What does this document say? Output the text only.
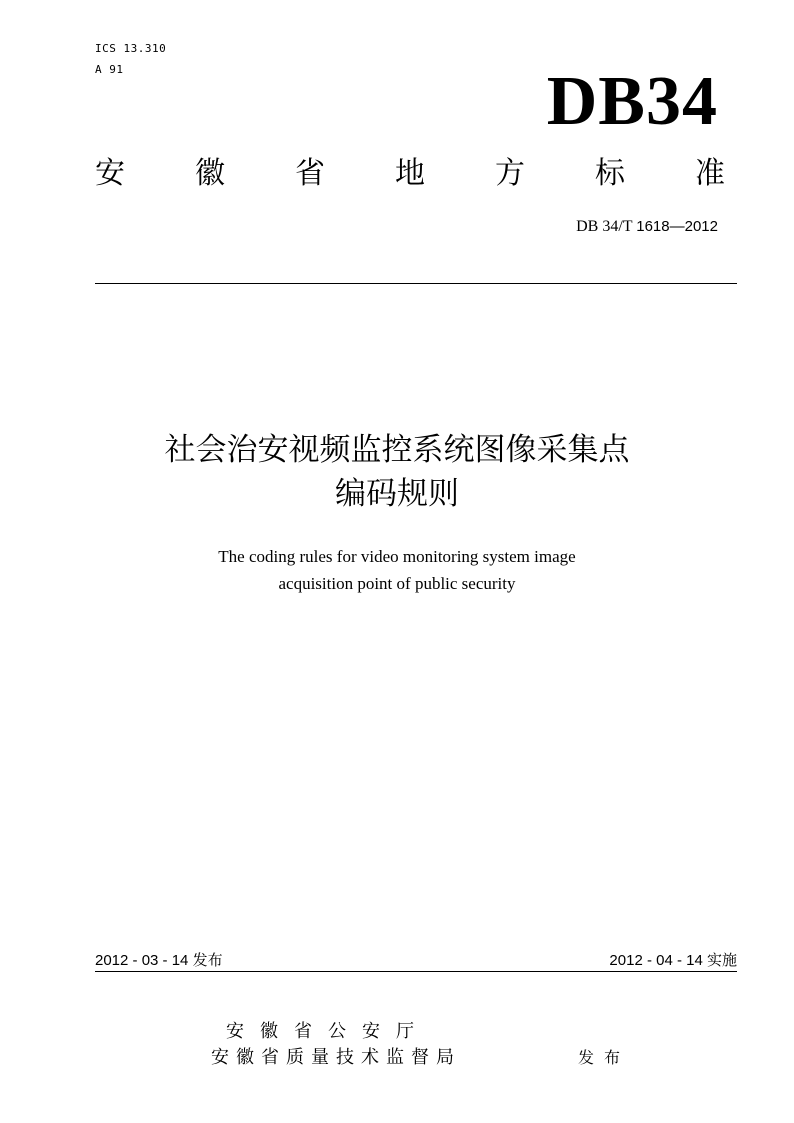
ICS 13.310
A 91	DB34
安 徽 省 地 方 标 准
DB 34/T 1618—2012
社会治安视频监控系统图像采集点
编码规则
The coding rules for video monitoring system image
acquisition point of public security
2012 - 03 - 14 发布	2012 - 04 - 14 实施
安徽省公安厅
安徽省质量技术监督局	发布
